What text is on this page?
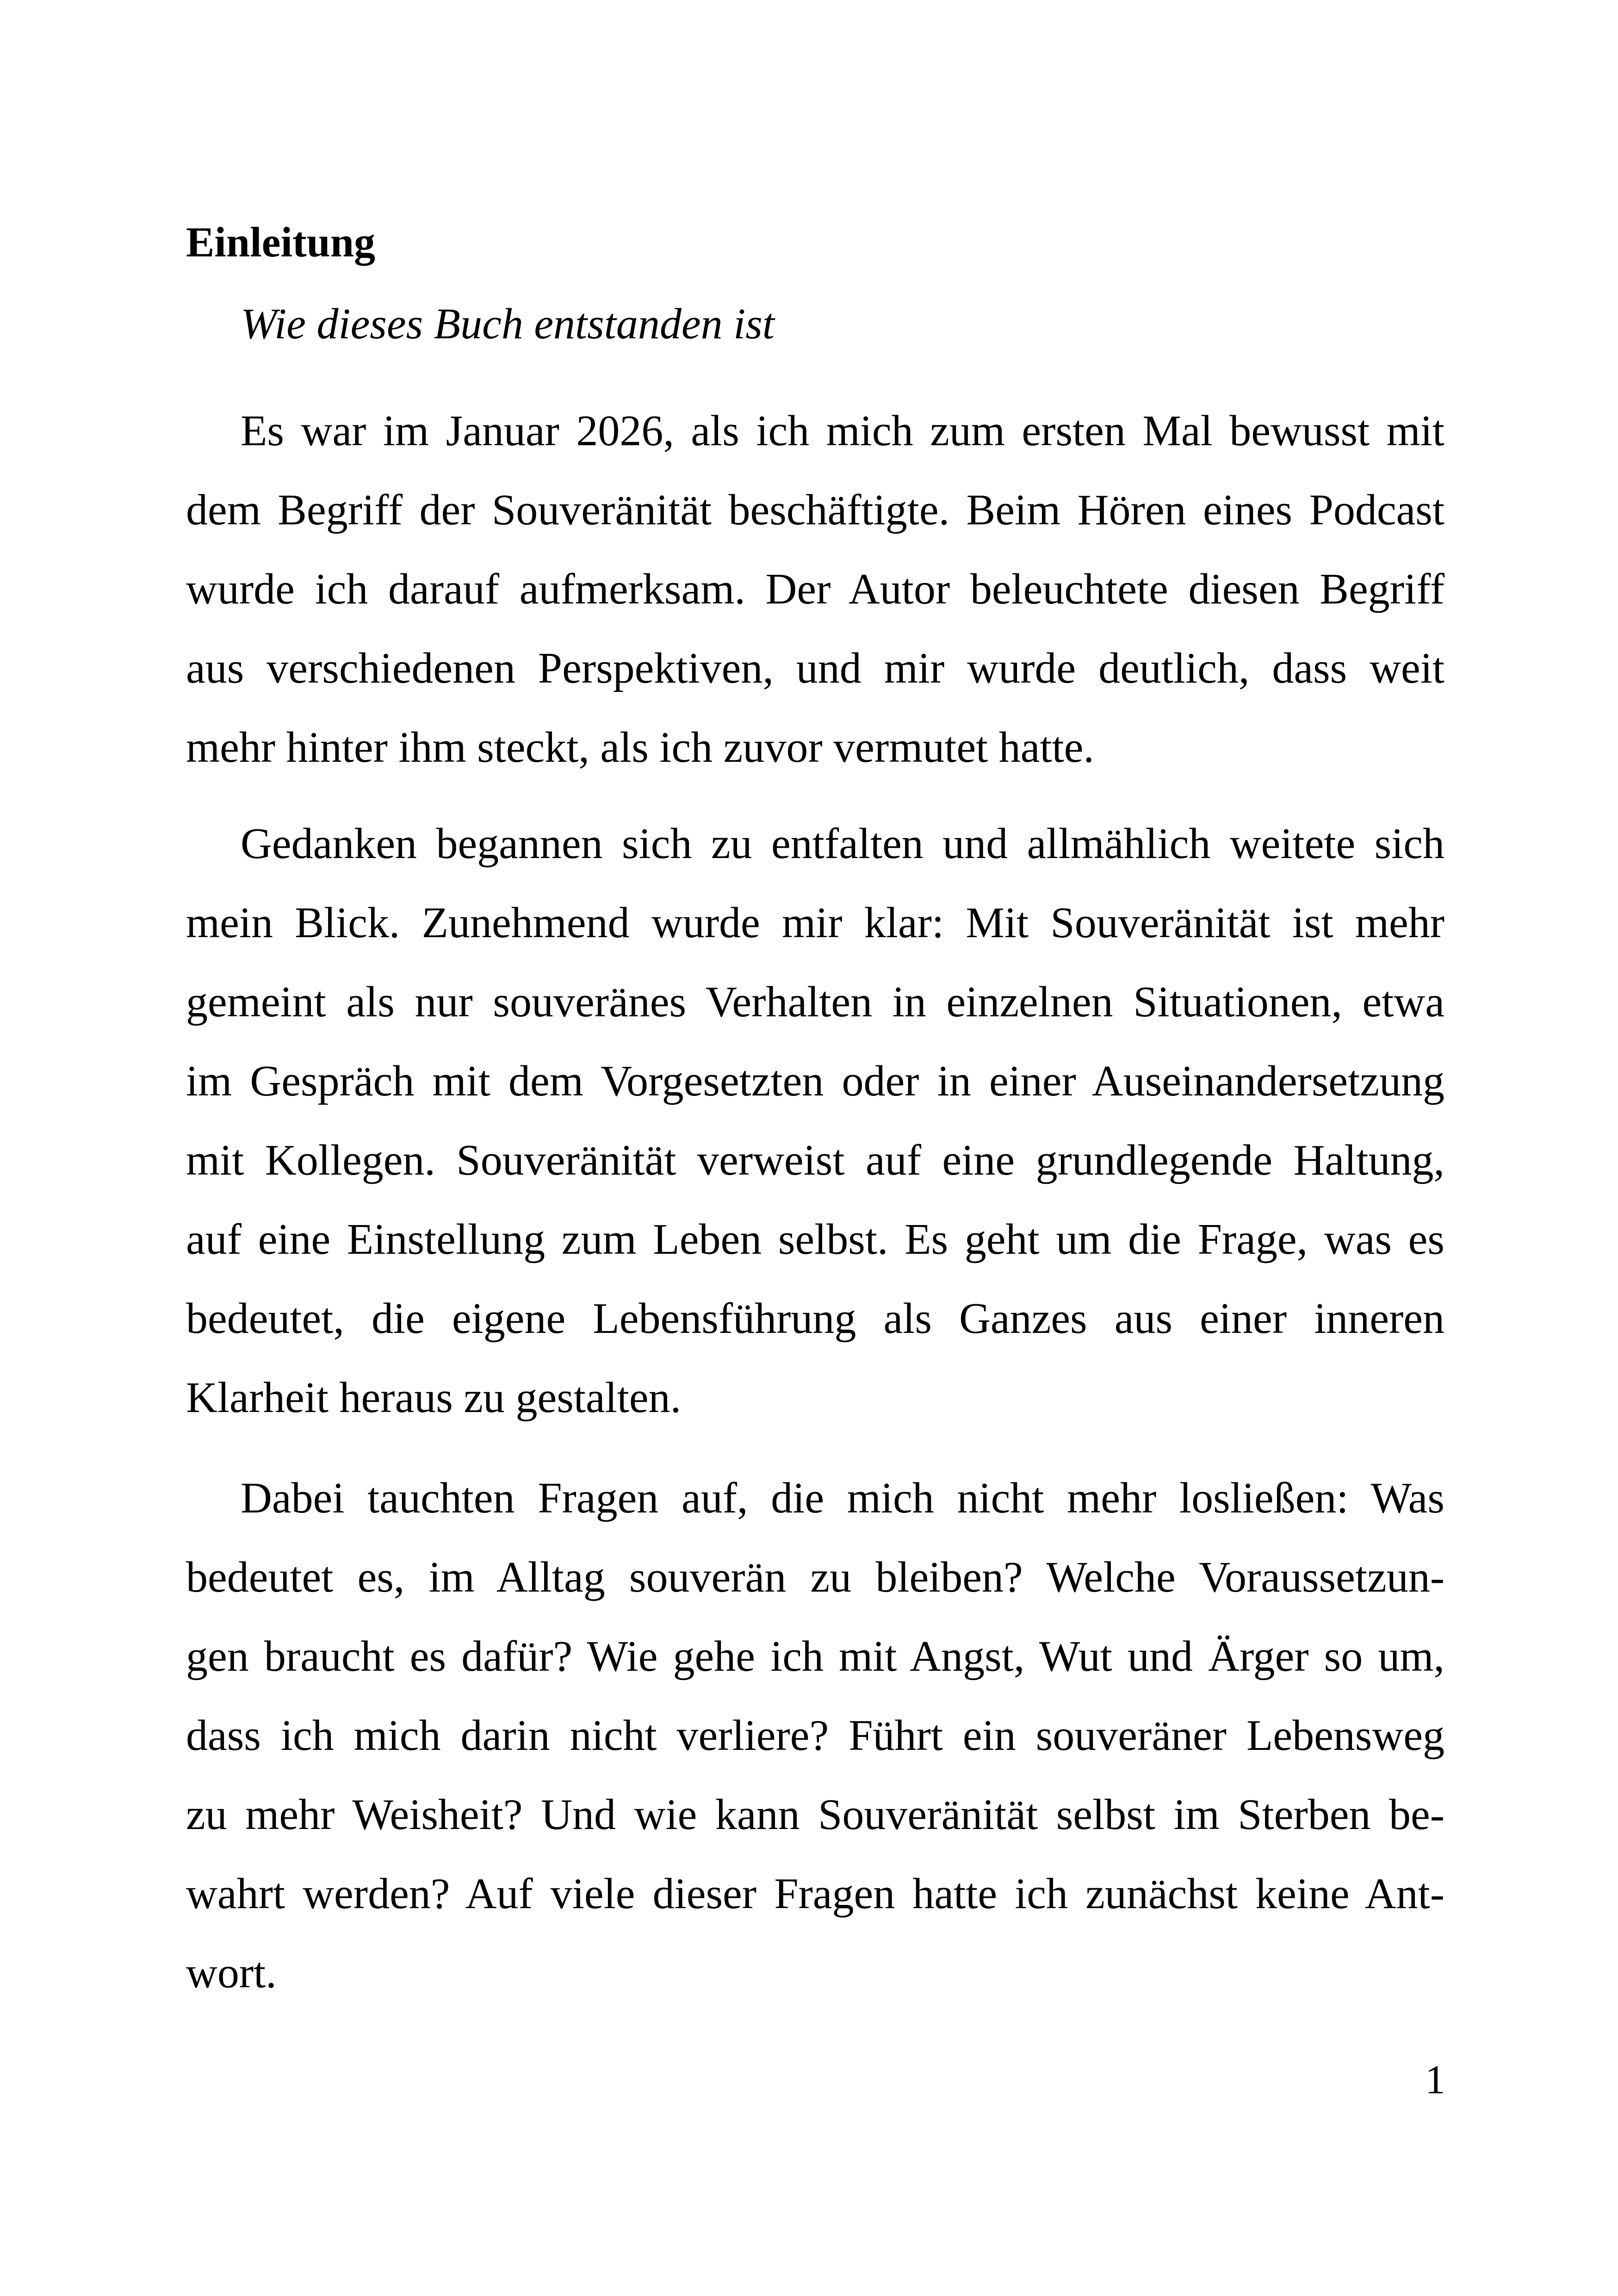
Einleitung

Wie dieses Buch entstanden ist

Es war im Januar 2026, als ich mich zum ersten Mal bewusst mit
dem Begriff der Souveränität beschäftigte. Beim Hören eines Podcast
wurde ich darauf aufmerksam. Der Autor beleuchtete diesen Begriff
aus verschiedenen Perspektiven, und mir wurde deutlich, dass weit
mehr hinter ihm steckt, als ich zuvor vermutet hatte.
Gedanken begannen sich zu entfalten und allmählich weitete sich
mein Blick. Zunehmend wurde mir klar: Mit Souveränität ist mehr
gemeint als nur souveränes Verhalten in einzelnen Situationen, etwa
im Gespräch mit dem Vorgesetzten oder in einer Auseinandersetzung
mit Kollegen. Souveränität verweist auf eine grundlegende Haltung,
auf eine Einstellung zum Leben selbst. Es geht um die Frage, was es
bedeutet, die eigene Lebensführung als Ganzes aus einer inneren
Klarheit heraus zu gestalten.
Dabei tauchten Fragen auf, die mich nicht mehr losließen: Was
bedeutet es, im Alltag souverän zu bleiben? Welche Voraussetzun-
gen braucht es dafür? Wie gehe ich mit Angst, Wut und Ärger so um,
dass ich mich darin nicht verliere? Führt ein souveräner Lebensweg
zu mehr Weisheit? Und wie kann Souveränität selbst im Sterben be-
wahrt werden? Auf viele dieser Fragen hatte ich zunächst keine Ant-
wort.

1
